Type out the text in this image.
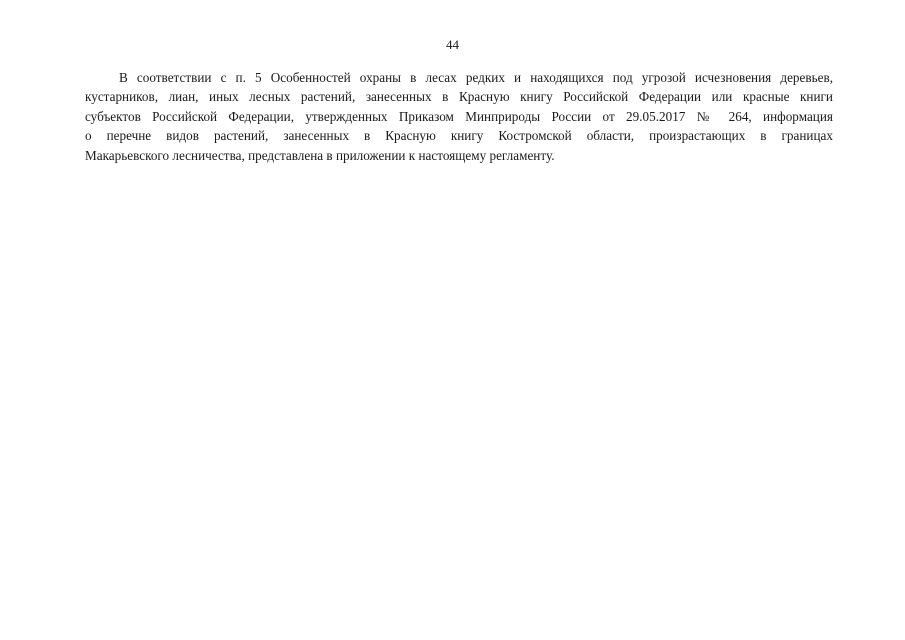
44
В соответствии с п. 5 Особенностей охраны в лесах редких и находящихся под угрозой исчезновения деревьев,
кустарников, лиан, иных лесных растений, занесенных в Красную книгу Российской Федерации или красные книги
субъектов Российской Федерации, утвержденных Приказом Минприроды России от 29.05.2017 № 264, информация
о перечне видов растений, занесенных в Красную книгу Костромской области, произрастающих в границах
Макарьевского лесничества, представлена в приложении к настоящему регламенту.
